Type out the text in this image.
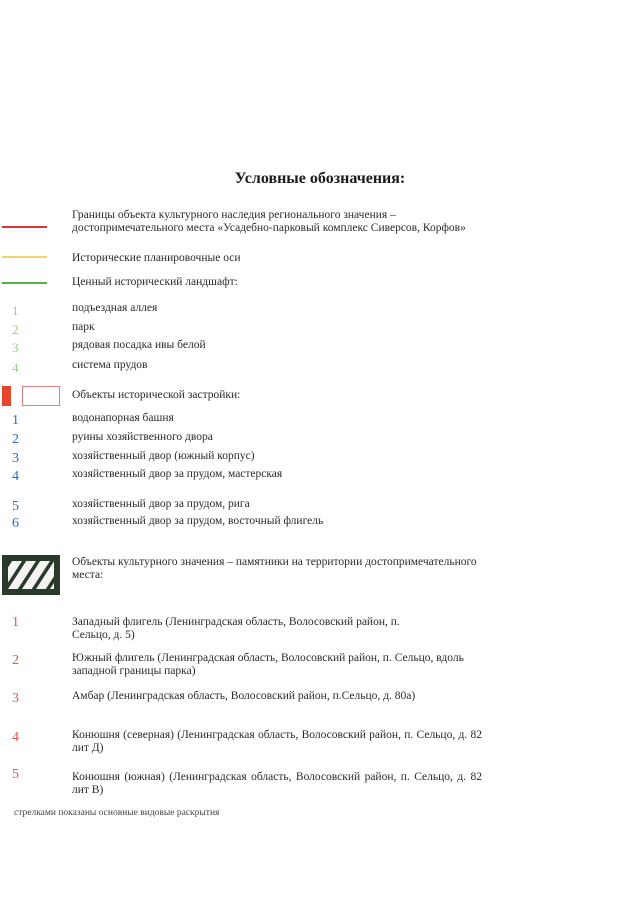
Условные обозначения:
Границы объекта культурного наследия регионального значения – достопримечательного места «Усадебно-парковый комплекс Сиверсов, Корфов»
Исторические планировочные оси
Ценный исторический ландшафт:
1	подъездная аллея
2	парк
3	рядовая посадка ивы белой
4	система прудов
Объекты исторической застройки:
1	водонапорная башня
2	руины хозяйственного двора
3	хозяйственный двор (южный корпус)
4	хозяйственный двор за прудом, мастерская
5	хозяйственный двор за прудом, рига
6	хозяйственный двор за прудом, восточный флигель
Объекты культурного значения – памятники на территории достопримечательного места:
1	Западный флигель (Ленинградская область, Волосовский район, п. Сельцо, д. 5)
2	Южный флигель (Ленинградская область, Волосовский район, п. Сельцо, вдоль западной границы парка)
3	Амбар (Ленинградская область, Волосовский район, п.Сельцо, д. 80а)
4	Конюшня (северная) (Ленинградская область, Волосовский район, п. Сельцо, д. 82 лит Д)
5	Конюшня (южная) (Ленинградская область, Волосовский район, п. Сельцо, д. 82 лит В)
стрелками показаны основные видовые раскрытия
